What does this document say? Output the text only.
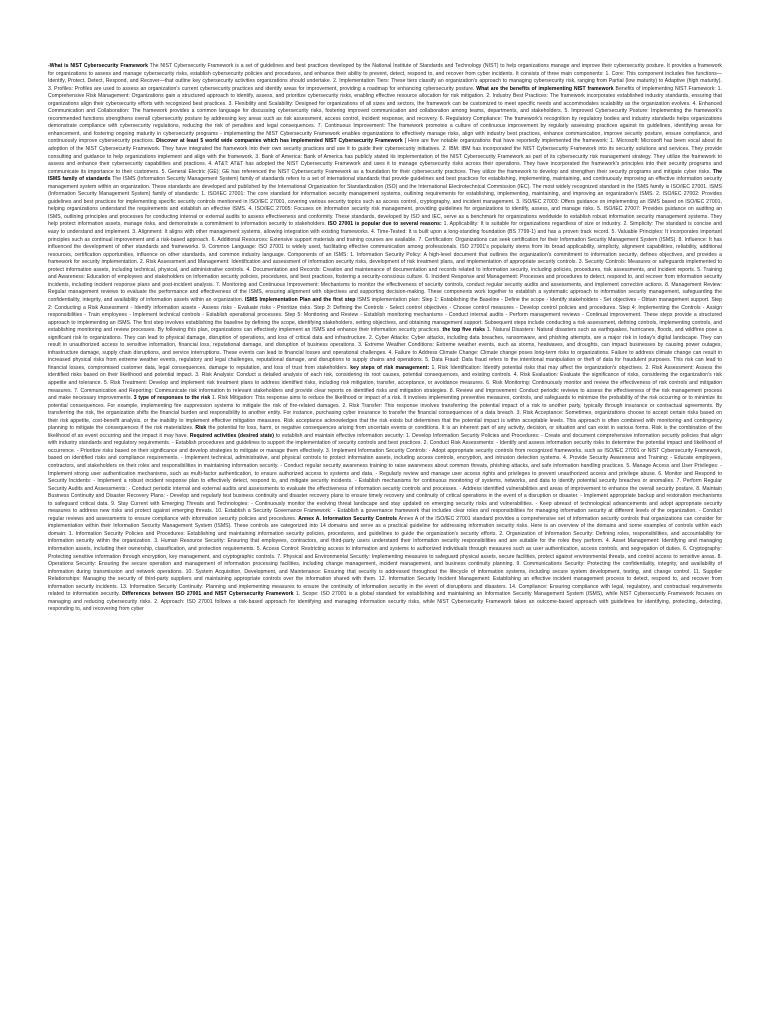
-What is NIST Cybersecurity Framework The NIST Cybersecurity Framework is a set of guidelines and best practices developed by the National Institute of Standards and Technology (NIST) to help organizations manage and improve their cybersecurity posture. It provides a framework for organizations to assess and manage cybersecurity risks, establish cybersecurity policies and procedures, and enhance their ability to prevent, detect, respond to, and recover from cyber incidents. It consists of three main components: 1. Core: This component includes five functions—Identify, Protect, Detect, Respond, and Recover—that outline key cybersecurity activities organizations should undertake. 2. Implementation Tiers: These tiers classify an organization's approach to managing cybersecurity risk, ranging from Partial (low maturity) to Adaptive (high maturity). 3. Profiles: Profiles are used to assess an organization's current cybersecurity practices and identify areas for improvement, providing a roadmap for enhancing cybersecurity posture. What are the benefits of implementing NIST framework Benefits of implementing NIST Framework: 1. Comprehensive Risk Management: Organizations gain a structured approach to identify, assess, and prioritize cybersecurity risks, enabling effective resource allocation for risk mitigation. 2. Industry Best Practices: The framework incorporates established industry standards, ensuring that organizations align their cybersecurity efforts with recognized best practices. 3. Flexibility and Scalability: Designed for organizations of all sizes and sectors, the framework can be customized to meet specific needs and accommodates scalability as the organization evolves. 4. Enhanced Communication and Collaboration: The framework provides a common language for discussing cybersecurity risks, fostering improved communication and collaboration among teams, departments, and stakeholders. 5. Improved Cybersecurity Posture: Implementing the framework's recommended functions strengthens overall cybersecurity posture by addressing key areas such as risk assessment, access control, incident response, and recovery. 6. Regulatory Compliance: The framework's recognition by regulatory bodies and industry standards helps organizations demonstrate compliance with cybersecurity regulations, reducing the risk of penalties and legal consequences. 7. Continuous Improvement: The framework promotes a culture of continuous improvement by regularly assessing practices against its guidelines, identifying areas for enhancement, and fostering ongoing maturity in cybersecurity programs - implementing the NIST Cybersecurity Framework enables organizations to effectively manage risks, align with industry best practices, enhance communication, improve security posture, ensure compliance, and continuously improve cybersecurity practices. Discover at least 5 world wide companies which has implemented NIST Cybersecurity Framework [ Here are five notable organizations that have reportedly implemented the framework: 1. Microsoft: Microsoft has been vocal about its adoption of the NIST Cybersecurity Framework. They have integrated the framework into their own security practices and use it to guide their cybersecurity initiatives. 2. IBM: IBM has incorporated the NIST Cybersecurity Framework into its security solutions and services. They provide consulting and guidance to help organizations implement and align with the framework. 3. Bank of America: Bank of America has publicly stated its implementation of the NIST Cybersecurity Framework as part of its cybersecurity risk management strategy. They utilize the framework to assess and enhance their cybersecurity capabilities and practices. 4. AT&T: AT&T has adopted the NIST Cybersecurity Framework and uses it to manage cybersecurity risks across their operations. They have incorporated the framework's principles into their security programs and communicate its importance to their customers. 5. General Electric (GE): GE has referenced the NIST Cybersecurity Framework as a foundation for their cybersecurity practices. They utilize the framework to develop and strengthen their security programs and mitigate cyber risks. The ISMS family of standards The ISMS (Information Security Management System) family of standards refers to a set of international standards that provide guidelines and best practices for establishing, implementing, maintaining, and continuously improving an effective information security management system within an organization. These standards are developed and published by the International Organization for Standardization (ISO) and the International Electrotechnical Commission (IEC). The most widely recognized standard in the ISMS family is ISO/IEC 27001. ISMS (Information Security Management System) family of standards: 1. ISO/IEC 27001: The core standard for information security management systems, outlining requirements for establishing, implementing, maintaining, and improving an organization's ISMS. 2. ISO/IEC 27002: Provides guidelines and best practices for implementing specific security controls mentioned in ISO/IEC 27001, covering various security topics such as access control, cryptography, and incident management. 3. ISO/IEC 27003: Offers guidance on implementing an ISMS based on ISO/IEC 27001, helping organizations understand the requirements and establish an effective ISMS. 4. ISO/IEC 27005: Focuses on information security risk management, providing guidelines for organizations to identify, assess, and manage risks. 5. ISO/IEC 27007: Provides guidance on auditing an ISMS, outlining principles and processes for conducting internal or external audits to assess effectiveness and conformity. These standards, developed by ISO and IEC, serve as a benchmark for organizations worldwide to establish robust information security management systems. They help protect information assets, manage risks, and demonstrate a commitment to information security to stakeholders. ISO 27001 is popular due to several reasons: 1. Applicability: It is suitable for organizations regardless of size or industry. 2. Simplicity: The standard is concise and easy to understand and implement. 3. Alignment: It aligns with other management systems, allowing integration with existing frameworks. 4. Time-Tested: It is built upon a long-standing foundation (BS 7799-1) and has a proven track record. 5. Valuable Principles: It incorporates important principles such as continual improvement and a risk-based approach. 6. Additional Resources: Extensive support materials and training courses are available. 7. Certification: Organizations can seek certification for their Information Security Management System (ISMS). 8. Influence: It has influenced the development of other standards and frameworks. 9. Common Language: ISO 27001 is widely used, facilitating effective communication among professionals. ISO 27001's popularity stems from its broad applicability, simplicity, alignment capabilities, reliability, additional resources, certification opportunities, influence on other standards, and common industry language. Components of an ISMS: 1. Information Security Policy: A high-level document that outlines the organization's commitment to information security, defines objectives, and provides a framework for security implementation. 2. Risk Assessment and Management: Identification and assessment of information security risks, development of risk treatment plans, and implementation of appropriate security controls. 3. Security Controls: Measures or safeguards implemented to protect information assets, including technical, physical, and administrative controls. 4. Documentation and Records: Creation and maintenance of documentation and records related to information security, including policies, procedures, risk assessments, and incident reports. 5. Training and Awareness: Education of employees and stakeholders on information security policies, procedures, and best practices, fostering a security-conscious culture. 6. Incident Response and Management: Processes and procedures to detect, respond to, and recover from information security incidents, including incident response plans and post-incident analysis. 7. Monitoring and Continuous Improvement: Mechanisms to monitor the effectiveness of security controls, conduct regular security audits and assessments, and implement corrective actions. 8. Management Review: Regular management reviews to evaluate the performance and effectiveness of the ISMS, ensuring alignment with objectives and supporting decision-making. These components work together to establish a systematic approach to information security management, safeguarding the confidentiality, integrity, and availability of information assets within an organization. ISMS Implementation Plan and the first step ISMS implementation plan: Step 1: Establishing the Baseline - Define the scope - Identify stakeholders - Set objectives - Obtain management support. Step 2: Conducting a Risk Assessment - Identify information assets - Assess risks - Evaluate risks - Prioritize risks. Step 3: Defining the Controls - Select control objectives - Choose control measures - Develop control policies and procedures. Step 4: Implementing the Controls - Assign responsibilities - Train employees - Implement technical controls - Establish operational processes. Step 5: Monitoring and Review - Establish monitoring mechanisms - Conduct internal audits - Perform management reviews - Continual improvement. These steps provide a structured approach to implementing an ISMS. The first step involves establishing the baseline by defining the scope, identifying stakeholders, setting objectives, and obtaining management support. Subsequent steps include conducting a risk assessment, defining controls, implementing controls, and establishing monitoring and review processes. By following this plan, organizations can effectively implement an ISMS and enhance their information security practices. the top five risks 1. Natural Disasters: Natural disasters such as earthquakes, hurricanes, floods, and wildfires pose a significant risk to organizations. They can lead to physical damage, disruption of operations, and loss of critical data and infrastructure. 2. Cyber Attacks: Cyber attacks, including data breaches, ransomware, and phishing attempts, are a major risk in today's digital landscape. They can result in unauthorized access to sensitive information, financial loss, reputational damage, and disruption of business operations. 3. Extreme Weather Conditions: Extreme weather events, such as storms, heatwaves, and droughts, can impact businesses by causing power outages, infrastructure damage, supply chain disruptions, and service interruptions. These events can lead to financial losses and operational challenges. 4. Failure to Address Climate Change: Climate change poses long-term risks to organizations. Failure to address climate change can result in increased physical risks from extreme weather events, regulatory and legal challenges, reputational damage, and disruptions to supply chains and operations. 5. Data Fraud: Data fraud refers to the intentional manipulation or theft of data for fraudulent purposes. This risk can lead to financial losses, compromised customer data, legal consequences, damage to reputation, and loss of trust from stakeholders. key steps of risk management: 1. Risk Identification: Identify potential risks that may affect the organization's objectives. 2. Risk Assessment: Assess the identified risks based on their likelihood and potential impact. 3. Risk Analysis: Conduct a detailed analysis of each risk, considering its root causes, potential consequences, and existing controls. 4. Risk Evaluation: Evaluate the significance of risks, considering the organization's risk appetite and tolerance. 5. Risk Treatment: Develop and implement risk treatment plans to address identified risks, including risk mitigation, transfer, acceptance, or avoidance measures. 6. Risk Monitoring: Continuously monitor and review the effectiveness of risk controls and mitigation measures. 7. Communication and Reporting: Communicate risk information to relevant stakeholders and provide clear reports on identified risks and mitigation strategies. 8. Review and Improvement: Conduct periodic reviews to assess the effectiveness of the risk management process and make necessary improvements. 3 type of responses to the risk 1. Risk Mitigation: This response aims to reduce the likelihood or impact of a risk. It involves implementing preventive measures, controls, and safeguards to minimize the probability of the risk occurring or to minimize its potential consequences. For example, implementing fire suppression systems to mitigate the risk of fire-related damages. 2. Risk Transfer: This response involves transferring the potential impact of a risk to another party, typically through insurance or contractual agreements. By transferring the risk, the organization shifts the financial burden and responsibility to another entity. For instance, purchasing cyber insurance to transfer the financial consequences of a data breach. 3. Risk Acceptance: Sometimes, organizations choose to accept certain risks based on their risk appetite, cost-benefit analysis, or the inability to implement effective mitigation measures. Risk acceptance acknowledges that the risk exists but determines that the potential impact is within acceptable levels. This approach is often combined with monitoring and contingency planning to mitigate the consequences if the risk materializes. Risk the potential for loss, harm, or negative consequences arising from uncertain events or conditions. It is an inherent part of any activity, decision, or situation and can exist in various forms. Risk is the combination of the likelihood of an event occurring and the impact it may have. Required activities (desired state) to establish and maintain effective information security: 1. Develop Information Security Policies and Procedures: - Create and document comprehensive information security policies that align with industry standards and regulatory requirements. - Establish procedures and guidelines to support the implementation of security controls and best practices. 2. Conduct Risk Assessments: - Identify and assess information security risks to determine the potential impact and likelihood of occurrence. - Prioritize risks based on their significance and develop strategies to mitigate or manage them effectively. 3. Implement Information Security Controls: - Adopt appropriate security controls from recognized frameworks, such as ISO/IEC 27001 or NIST Cybersecurity Framework, based on identified risks and compliance requirements. - Implement technical, administrative, and physical controls to protect information assets, including access controls, encryption, and intrusion detection systems. 4. Provide Security Awareness and Training: - Educate employees, contractors, and stakeholders on their roles and responsibilities in maintaining information security. - Conduct regular security awareness training to raise awareness about common threats, phishing attacks, and safe information handling practices. 5. Manage Access and User Privileges: - Implement strong user authentication mechanisms, such as multi-factor authentication, to ensure authorized access to systems and data. - Regularly review and manage user access rights and privileges to prevent unauthorized access and privilege abuse. 6. Monitor and Respond to Security Incidents: - Implement a robust incident response plan to effectively detect, respond to, and mitigate security incidents. - Establish mechanisms for continuous monitoring of systems, networks, and data to identify potential security breaches or anomalies. 7. Perform Regular Security Audits and Assessments: - Conduct periodic internal and external audits and assessments to evaluate the effectiveness of information security controls and processes. - Address identified vulnerabilities and areas of improvement to enhance the overall security posture. 8. Maintain Business Continuity and Disaster Recovery Plans: - Develop and regularly test business continuity and disaster recovery plans to ensure timely recovery and continuity of critical operations in the event of a disruption or disaster. - Implement appropriate backup and restoration mechanisms to safeguard critical data. 9. Stay Current with Emerging Threats and Technologies: - Continuously monitor the evolving threat landscape and stay updated on emerging security risks and vulnerabilities. - Keep abreast of technological advancements and adopt appropriate security measures to address new risks and protect against emerging threats. 10. Establish a Security Governance Framework: - Establish a governance framework that includes clear roles and responsibilities for managing information security at different levels of the organization. - Conduct regular reviews and assessments to ensure compliance with information security policies and procedures. Annex A. Information Security Controls Annex A of the ISO/IEC 27001 standard provides a comprehensive set of information security controls that organizations can consider for implementation within their Information Security Management System (ISMS). These controls are categorized into 14 domains and serve as a practical guideline for addressing information security risks. Here is an overview of the domains and some examples of controls within each domain: 1. Information Security Policies and Procedures: Establishing and maintaining information security policies, procedures, and guidelines to guide the organization's security efforts. 2. Organization of Information Security: Defining roles, responsibilities, and accountability for information security within the organization. 3. Human Resource Security: Ensuring that employees, contractors, and third-party users understand their information security responsibilities and are suitable for the roles they perform. 4. Asset Management: Identifying and managing information assets, including their ownership, classification, and protection requirements. 5. Access Control: Restricting access to information and systems to authorized individuals through measures such as user authentication, access controls, and segregation of duties. 6. Cryptography: Protecting sensitive information through encryption, key management, and cryptographic controls. 7. Physical and Environmental Security: Implementing measures to safeguard physical assets, secure facilities, protect against environmental threats, and control access to sensitive areas. 8. Operations Security: Ensuring the secure operation and management of information processing facilities, including change management, incident management, and business continuity planning. 9. Communications Security: Protecting the confidentiality, integrity, and availability of information during transmission and network operations. 10. System Acquisition, Development, and Maintenance: Ensuring that security is addressed throughout the lifecycle of information systems, including secure system development, testing, and change control. 11. Supplier Relationships: Managing the security of third-party suppliers and maintaining appropriate controls over the information shared with them. 12. Information Security Incident Management: Establishing an effective incident management process to detect, respond to, and recover from information security incidents. 13. Information Security Continuity: Planning and implementing measures to ensure the continuity of information security in the event of disruptions and disasters. 14. Compliance: Ensuring compliance with legal, regulatory, and contractual requirements related to information security. Differences between ISO 27001 and NIST Cybersecurity Framework 1. Scope: ISO 27001 is a global standard for establishing and maintaining an Information Security Management System (ISMS), while NIST Cybersecurity Framework focuses on managing and reducing cybersecurity risks. 2. Approach: ISO 27001 follows a risk-based approach for identifying and managing information security risks, while NIST Cybersecurity Framework takes an outcome-based approach with guidelines for identifying, protecting, detecting, responding to, and recovering from cyber
